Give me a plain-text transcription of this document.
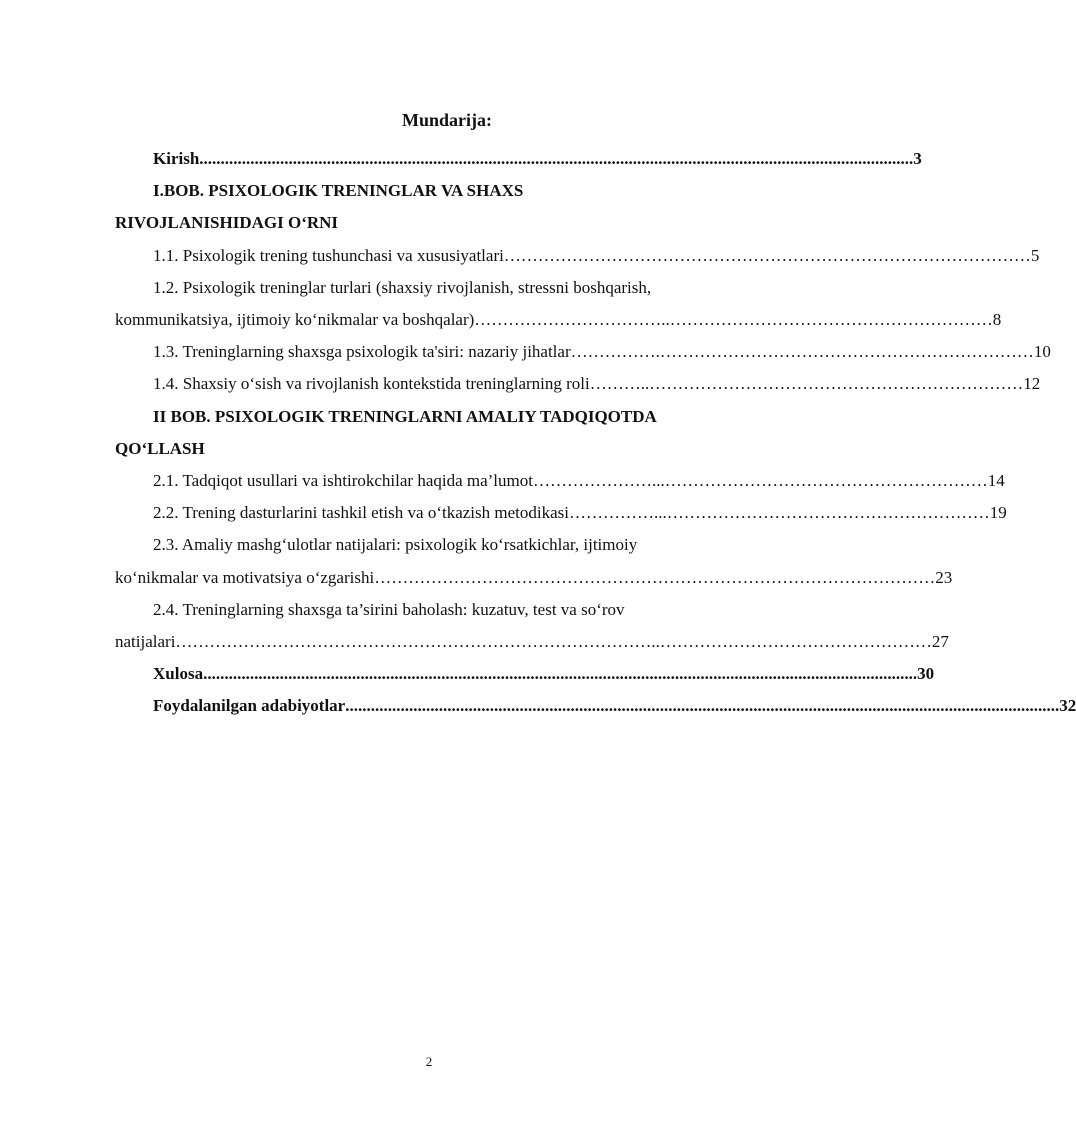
Mundarija:
Kirish ........................................................................................................................................................................ 3
I.BOB. PSIXOLOGIK TRENINGLAR VA SHAXS
RIVOJLANISHIDAGI O‘RNI
1.1. Psixologik trening tushunchasi va xususiyatlari ………………………………………………………………………………… 5
1.2. Psixologik treninglar turlari (shaxsiy rivojlanish, stressni boshqarish,
kommunikatsiya, ijtimoiy ko‘nikmalar va boshqalar) ……………………………..………………………………………………… 8
1.3. Treninglarning shaxsga psixologik ta'siri: nazariy jihatlar …………….………………………………………………………… 10
1.4. Shaxsiy o‘sish va rivojlanish kontekstida treninglarning roli ………..………………………………………………………… 12
II BOB. PSIXOLOGIK TRENINGLARNI AMALIY TADQIQOTDA
QO‘LLASH
2.1. Tadqiqot usullari va ishtirokchilar haqida ma’lumot …………………...………………………………………………… 14
2.2. Trening dasturlarini tashkil etish va o‘tkazish metodikasi ……………...………………………………………………… 19
2.3. Amaliy mashg‘ulotlar natijalari: psixologik ko‘rsatkichlar, ijtimoiy
ko‘nikmalar va motivatsiya o‘zgarishi ……………………………………………………………………………………… 23
2.4. Treninglarning shaxsga ta’sirini baholash: kuzatuv, test va so‘rov
natijalari …………………………………………………………………………..………………………………………… 27
Xulosa ........................................................................................................................................................................ 30
Foydalanilgan adabiyotlar ........................................................................................................................................................................ 32
2
